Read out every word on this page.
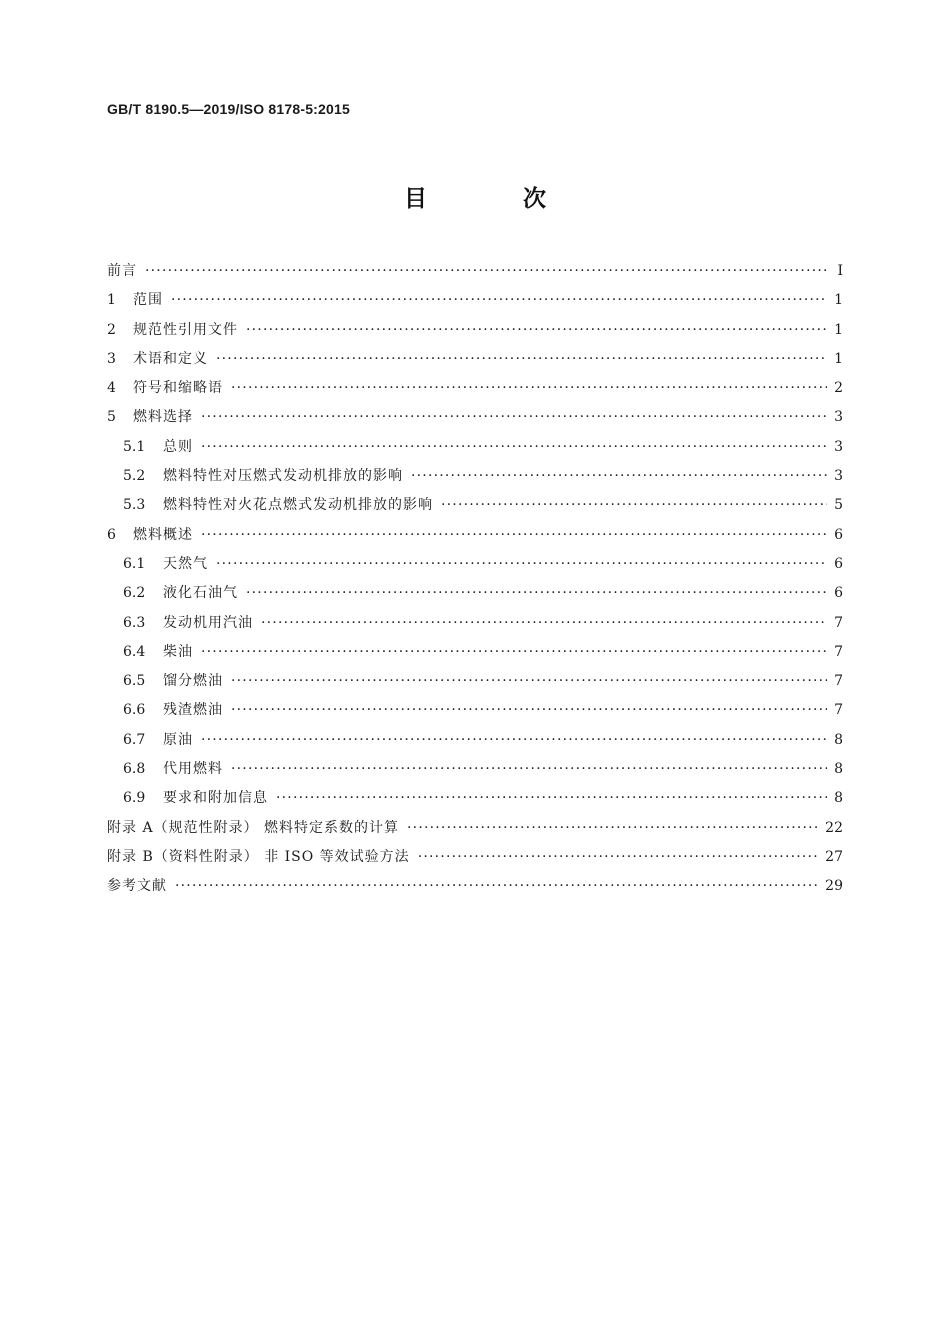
GB/T 8190.5—2019/ISO 8178-5:2015
目 次
前言 ·····	I
1	范围 ·····	1
2	规范性引用文件 ·····	1
3	术语和定义 ·····	1
4	符号和缩略语 ·····	2
5	燃料选择 ·····	3
5.1	总则 ·····	3
5.2	燃料特性对压燃式发动机排放的影响 ·····	3
5.3	燃料特性对火花点燃式发动机排放的影响 ·····	5
6	燃料概述 ·····	6
6.1	天然气 ·····	6
6.2	液化石油气 ·····	6
6.3	发动机用汽油 ·····	7
6.4	柴油 ·····	7
6.5	馏分燃油 ·····	7
6.6	残渣燃油 ·····	7
6.7	原油 ·····	8
6.8	代用燃料 ·····	8
6.9	要求和附加信息 ·····	8
附录 A（规范性附录） 燃料特定系数的计算 ·····	22
附录 B（资料性附录） 非 ISO 等效试验方法 ·····	27
参考文献 ·····	29
